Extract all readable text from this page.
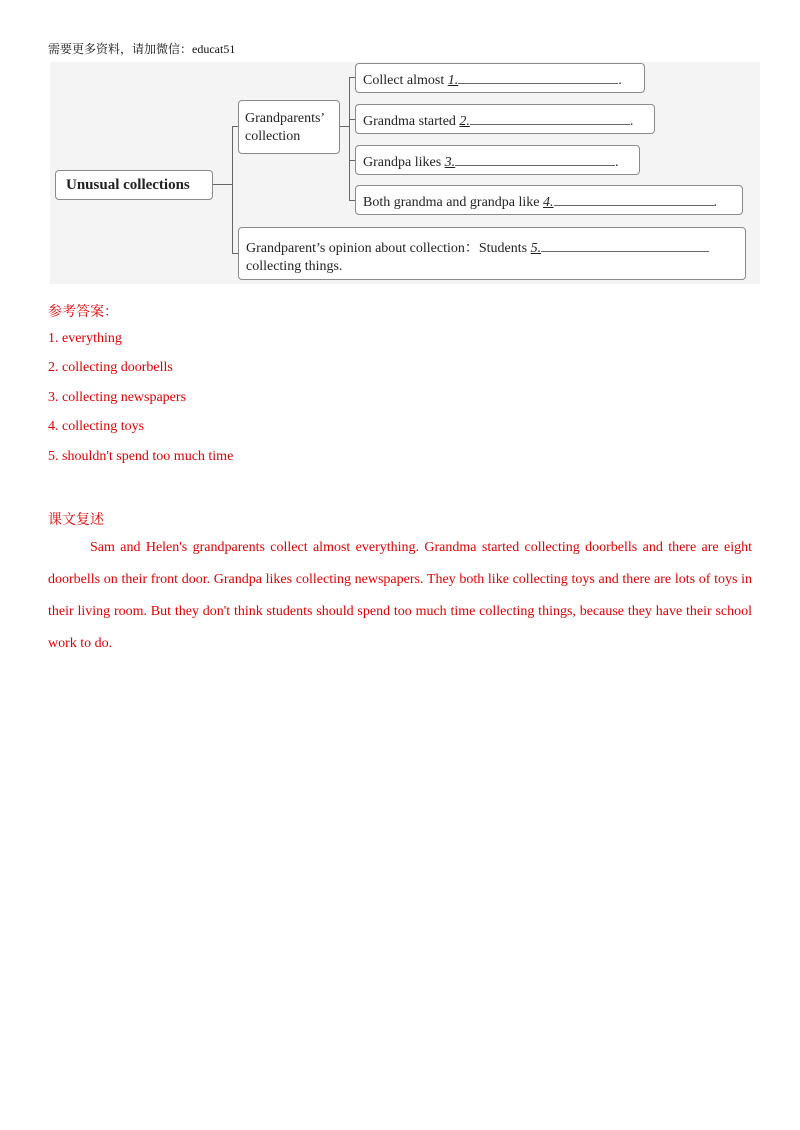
需要更多资料，请加微信：educat51
Unusual collections
Grandparents’ collection
Collect almost 1.	.
Grandma started 2.	.
Grandpa likes 3.	.
Both grandma and grandpa like 4.	.
Grandparent’s opinion about collection：Students 5.
collecting things.
参考答案：
1. everything
2. collecting doorbells
3. collecting newspapers
4. collecting toys
5. shouldn't spend too much time
课文复述
Sam and Helen's grandparents collect almost everything. Grandma started collecting doorbells and there are eight doorbells on their front door. Grandpa likes collecting newspapers. They both like collecting toys and there are lots of toys in their living room. But they don't think students should spend too much time collecting things, because they have their school work to do.
